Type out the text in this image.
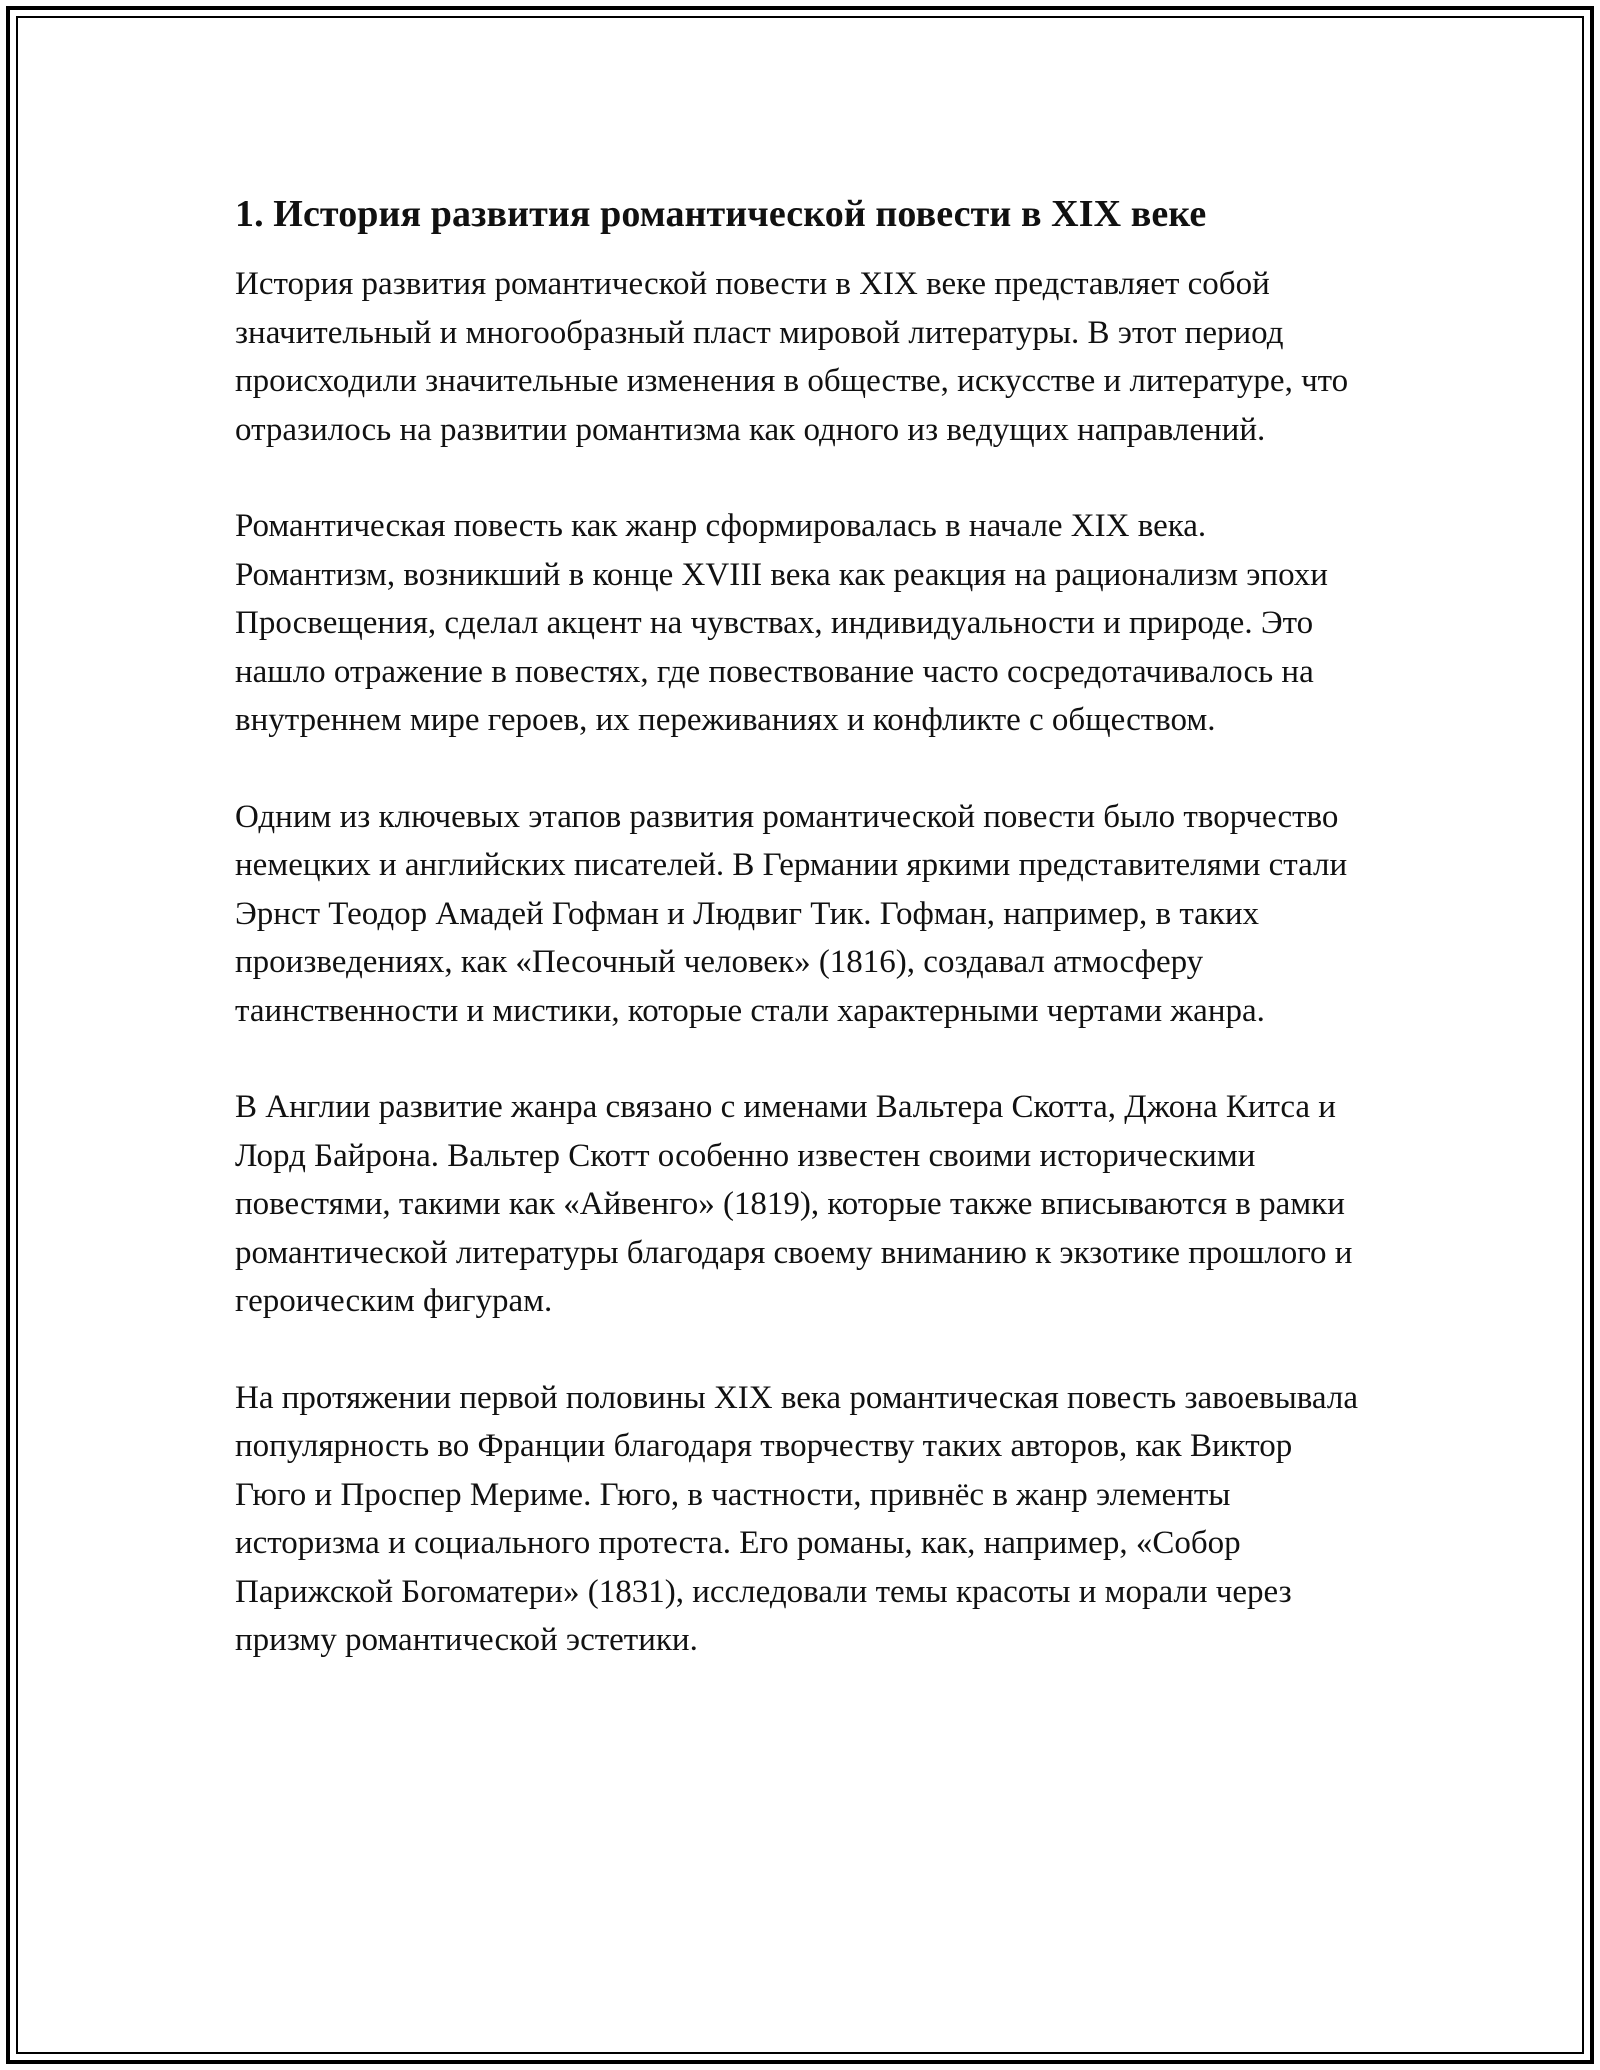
1. История развития романтической повести в XIX веке

История развития романтической повести в XIX веке представляет собой значительный и многообразный пласт мировой литературы. В этот период происходили значительные изменения в обществе, искусстве и литературе, что отразилось на развитии романтизма как одного из ведущих направлений.

Романтическая повесть как жанр сформировалась в начале XIX века. Романтизм, возникший в конце XVIII века как реакция на рационализм эпохи Просвещения, сделал акцент на чувствах, индивидуальности и природе. Это нашло отражение в повестях, где повествование часто сосредотачивалось на внутреннем мире героев, их переживаниях и конфликте с обществом.

Одним из ключевых этапов развития романтической повести было творчество немецких и английских писателей. В Германии яркими представителями стали Эрнст Теодор Амадей Гофман и Людвиг Тик. Гофман, например, в таких произведениях, как «Песочный человек» (1816), создавал атмосферу таинственности и мистики, которые стали характерными чертами жанра.

В Англии развитие жанра связано с именами Вальтера Скотта, Джона Китса и Лорд Байрона. Вальтер Скотт особенно известен своими историческими повестями, такими как «Айвенго» (1819), которые также вписываются в рамки романтической литературы благодаря своему вниманию к экзотике прошлого и героическим фигурам.

На протяжении первой половины XIX века романтическая повесть завоевывала популярность во Франции благодаря творчеству таких авторов, как Виктор Гюго и Проспер Мериме. Гюго, в частности, привнёс в жанр элементы историзма и социального протеста. Его романы, как, например, «Собор Парижской Богоматери» (1831), исследовали темы красоты и морали через призму романтической эстетики.
